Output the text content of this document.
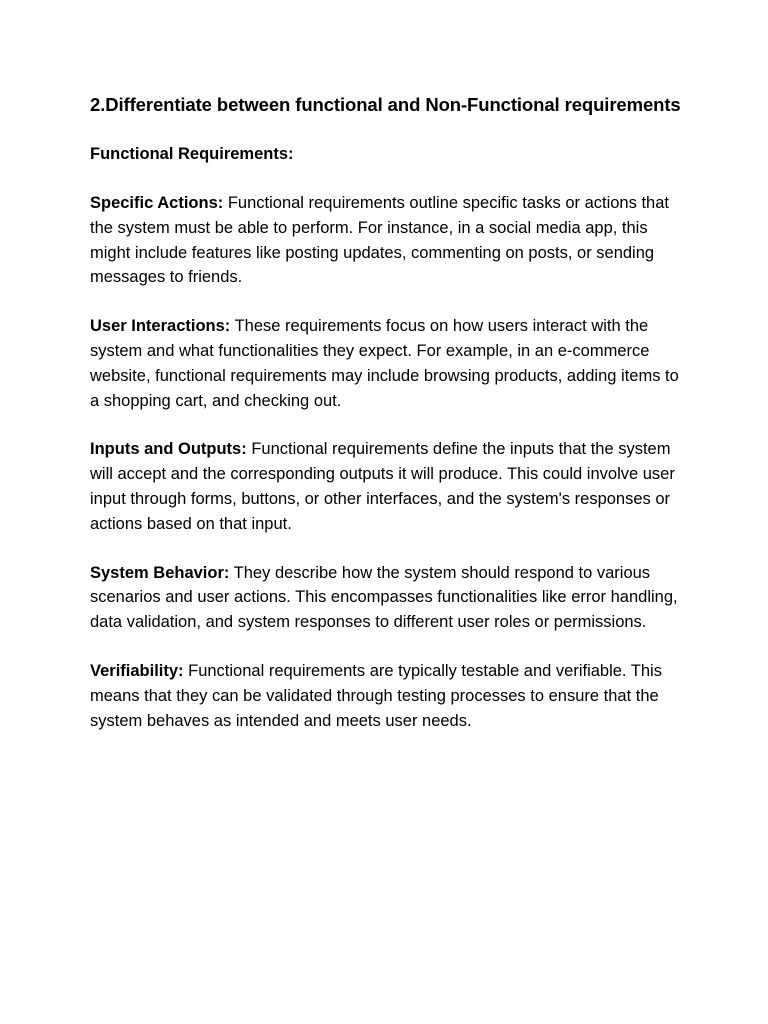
2.Differentiate between functional and Non-Functional requirements

Functional Requirements:

Specific Actions: Functional requirements outline specific tasks or actions that the system must be able to perform. For instance, in a social media app, this might include features like posting updates, commenting on posts, or sending messages to friends.

User Interactions: These requirements focus on how users interact with the system and what functionalities they expect. For example, in an e-commerce website, functional requirements may include browsing products, adding items to a shopping cart, and checking out.

Inputs and Outputs: Functional requirements define the inputs that the system will accept and the corresponding outputs it will produce. This could involve user input through forms, buttons, or other interfaces, and the system's responses or actions based on that input.

System Behavior: They describe how the system should respond to various scenarios and user actions. This encompasses functionalities like error handling, data validation, and system responses to different user roles or permissions.

Verifiability: Functional requirements are typically testable and verifiable. This means that they can be validated through testing processes to ensure that the system behaves as intended and meets user needs.
